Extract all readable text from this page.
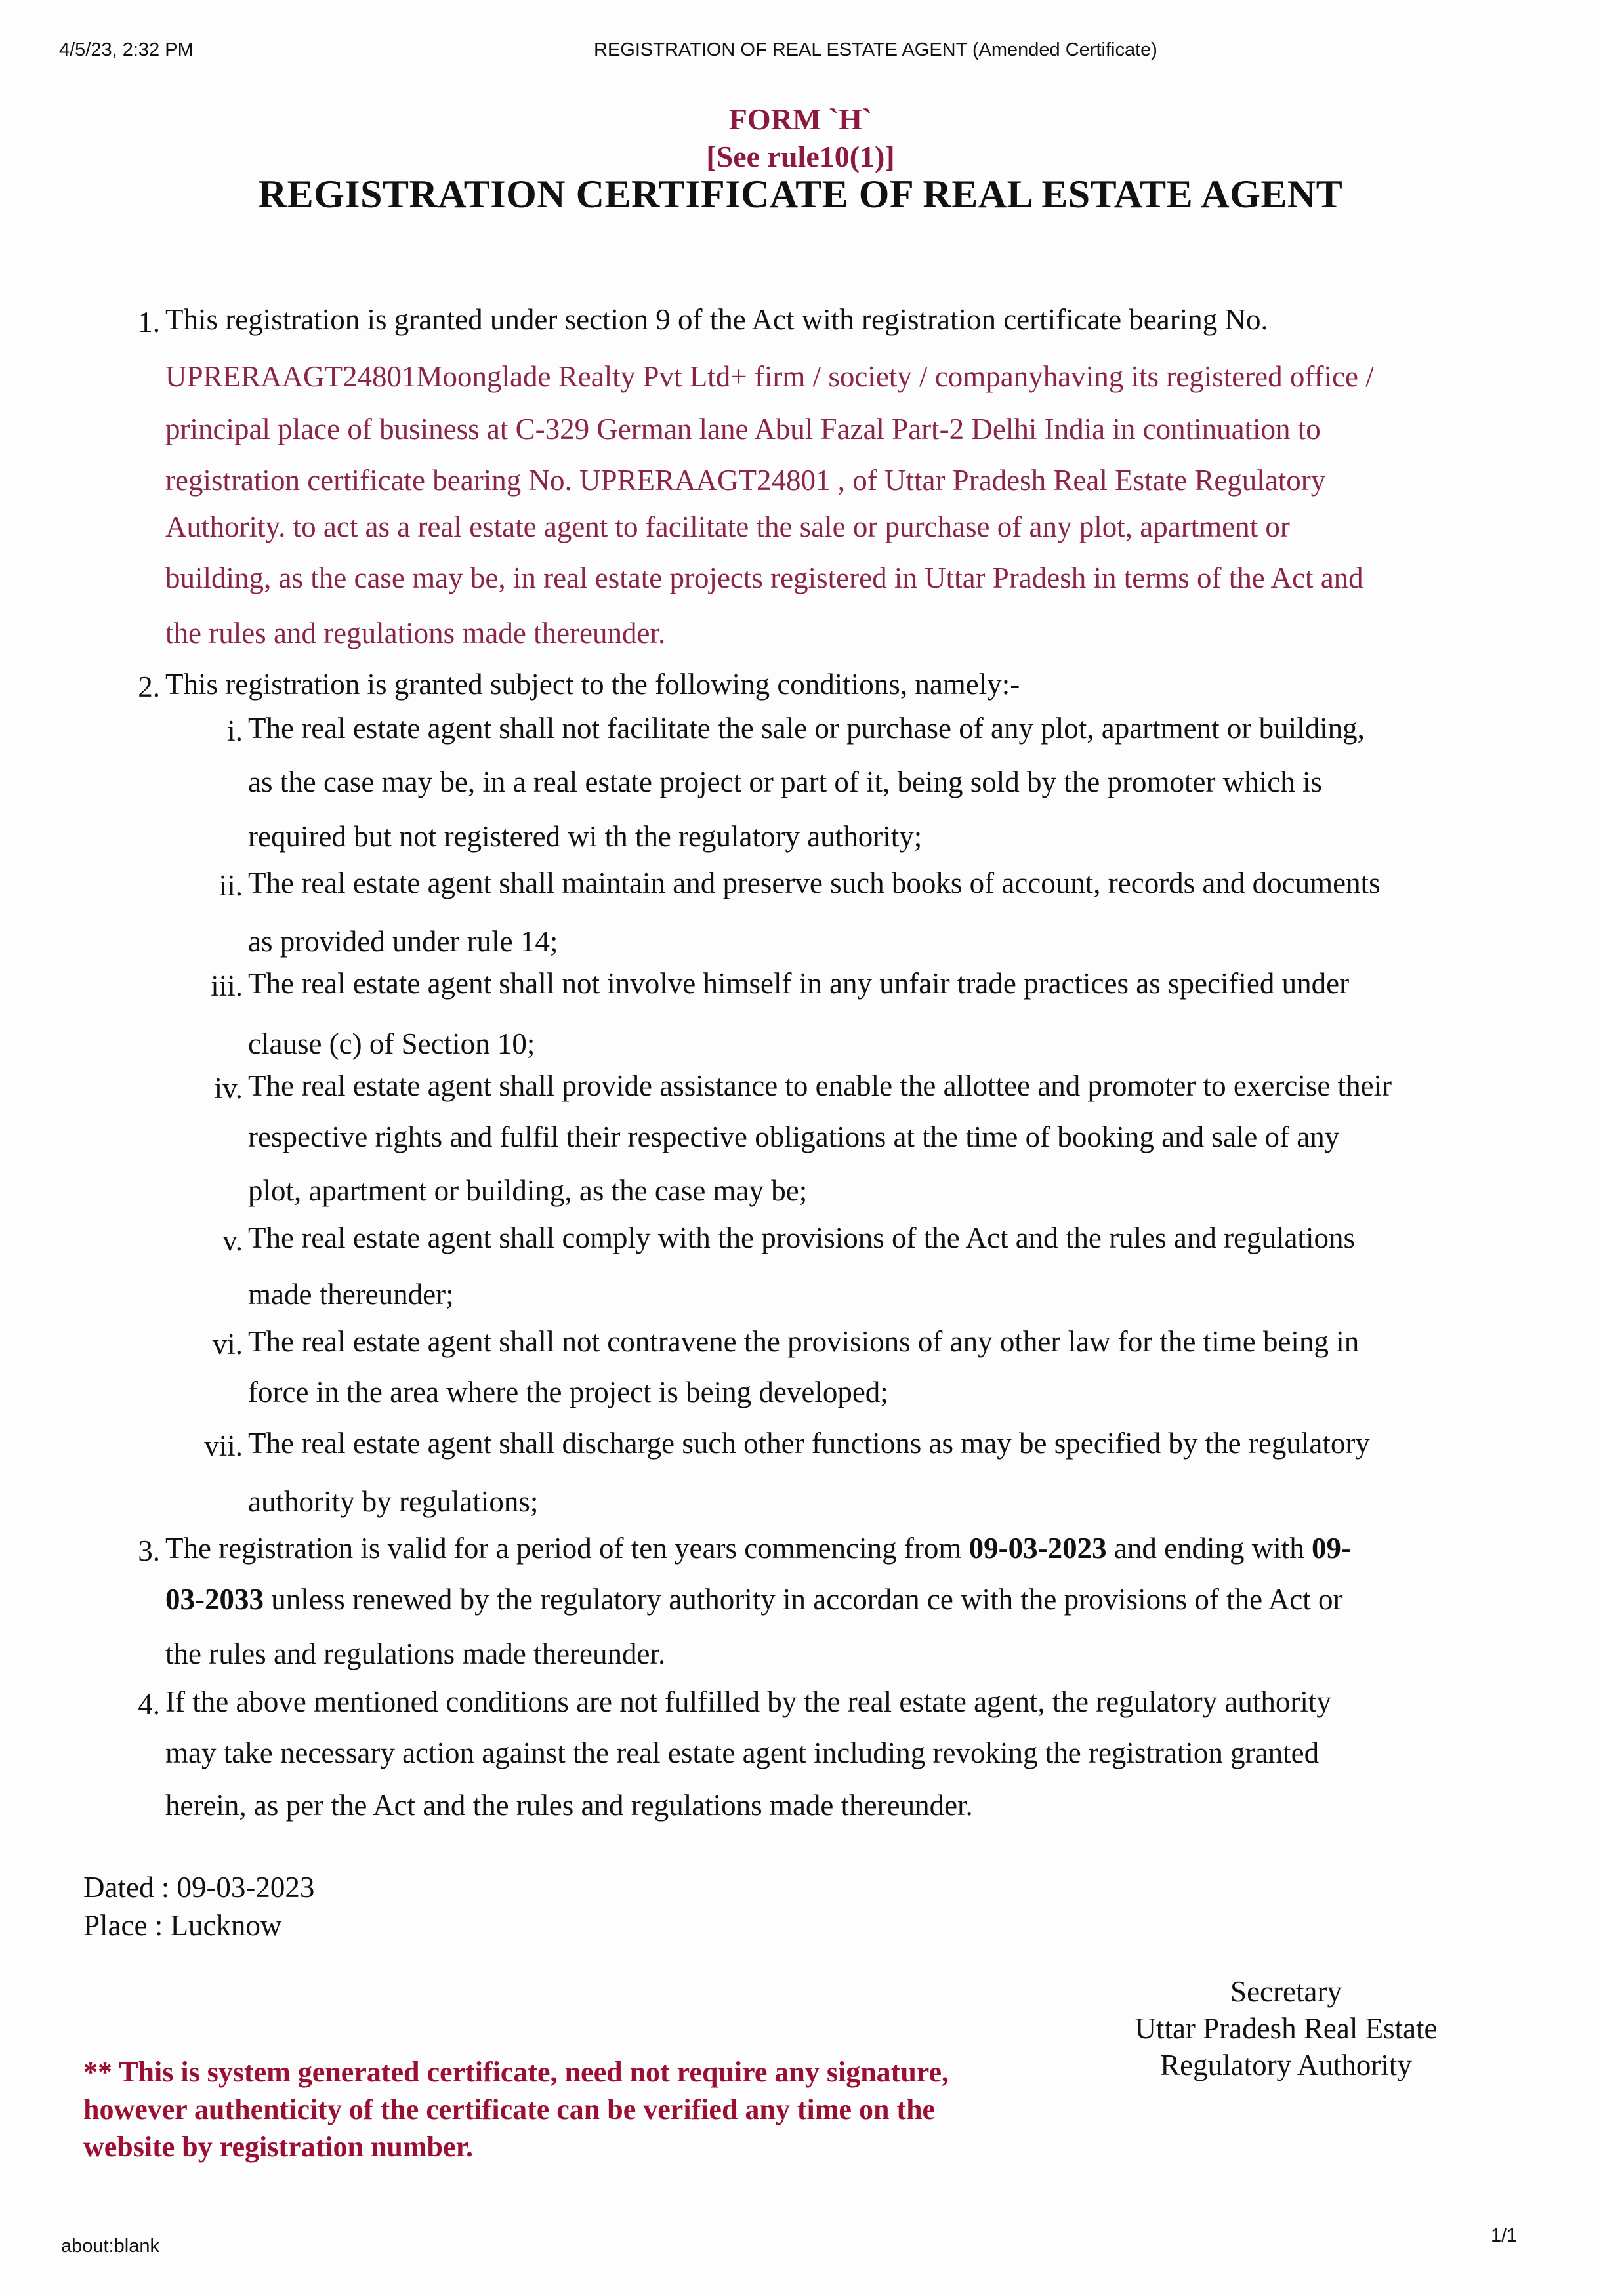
4/5/23, 2:32 PM	REGISTRATION OF REAL ESTATE AGENT (Amended Certificate)
FORM `H`
[See rule10(1)]
REGISTRATION CERTIFICATE OF REAL ESTATE AGENT
1. This registration is granted under section 9 of the Act with registration certificate bearing No.
UPRERAAGT24801Moonglade Realty Pvt Ltd+ firm / society / companyhaving its registered office /
principal place of business at C-329 German lane Abul Fazal Part-2 Delhi India in continuation to
registration certificate bearing No. UPRERAAGT24801 , of Uttar Pradesh Real Estate Regulatory
Authority. to act as a real estate agent to facilitate the sale or purchase of any plot, apartment or
building, as the case may be, in real estate projects registered in Uttar Pradesh in terms of the Act and
the rules and regulations made thereunder.
2. This registration is granted subject to the following conditions, namely:-
i. The real estate agent shall not facilitate the sale or purchase of any plot, apartment or building,
as the case may be, in a real estate project or part of it, being sold by the promoter which is
required but not registered wi th the regulatory authority;
ii. The real estate agent shall maintain and preserve such books of account, records and documents
as provided under rule 14;
iii. The real estate agent shall not involve himself in any unfair trade practices as specified under
clause (c) of Section 10;
iv. The real estate agent shall provide assistance to enable the allottee and promoter to exercise their
respective rights and fulfil their respective obligations at the time of booking and sale of any
plot, apartment or building, as the case may be;
v. The real estate agent shall comply with the provisions of the Act and the rules and regulations
made thereunder;
vi. The real estate agent shall not contravene the provisions of any other law for the time being in
force in the area where the project is being developed;
vii. The real estate agent shall discharge such other functions as may be specified by the regulatory
authority by regulations;
3. The registration is valid for a period of ten years commencing from 09-03-2023 and ending with 09-
03-2033 unless renewed by the regulatory authority in accordan ce with the provisions of the Act or
the rules and regulations made thereunder.
4. If the above mentioned conditions are not fulfilled by the real estate agent, the regulatory authority
may take necessary action against the real estate agent including revoking the registration granted
herein, as per the Act and the rules and regulations made thereunder.
Dated : 09-03-2023
Place : Lucknow
Secretary
Uttar Pradesh Real Estate
Regulatory Authority
** This is system generated certificate, need not require any signature,
however authenticity of the certificate can be verified any time on the
website by registration number.
about:blank	1/1
